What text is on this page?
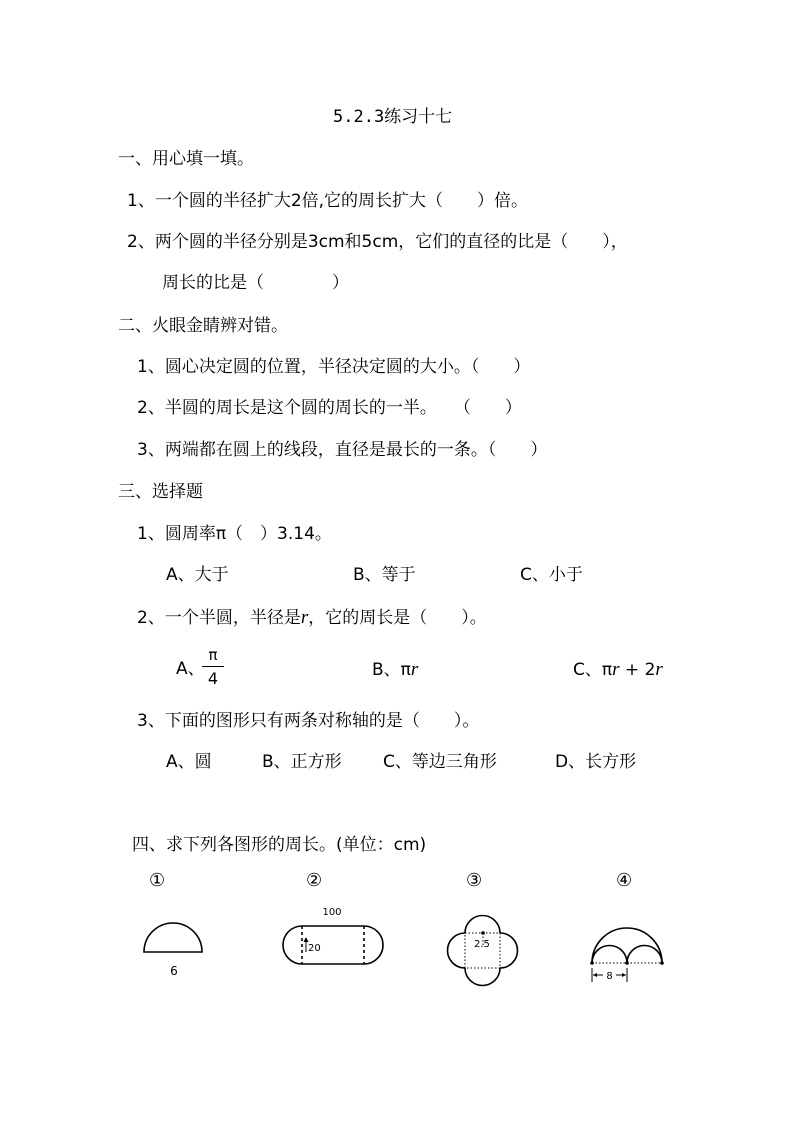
5.2.3练习十七
一、用心填一填。
1、一个圆的半径扩大2倍,它的周长扩大（　　）倍。
2、两个圆的半径分别是3cm和5cm，它们的直径的比是（　　），
周长的比是（　　　　）
二、火眼金睛辨对错。
1、圆心决定圆的位置，半径决定圆的大小。（　　）
2、半圆的周长是这个圆的周长的一半。　　（　　）
3、两端都在圆上的线段，直径是最长的一条。（　　）
三、选择题
1、圆周率π（　）3.14。
A、大于	B、等于	C、小于
2、一个半圆，半径是r，它的周长是（　　）。
A、
$\frac{\pi}{4}$	B、πr	C、πr + 2r
3、下面的图形只有两条对称轴的是（　　）。
A、圆	B、正方形 C、等边三角形	D、长方形
四、求下列各图形的周长。(单位：cm)
①	②	③	④
6
100
20	2.5
8
